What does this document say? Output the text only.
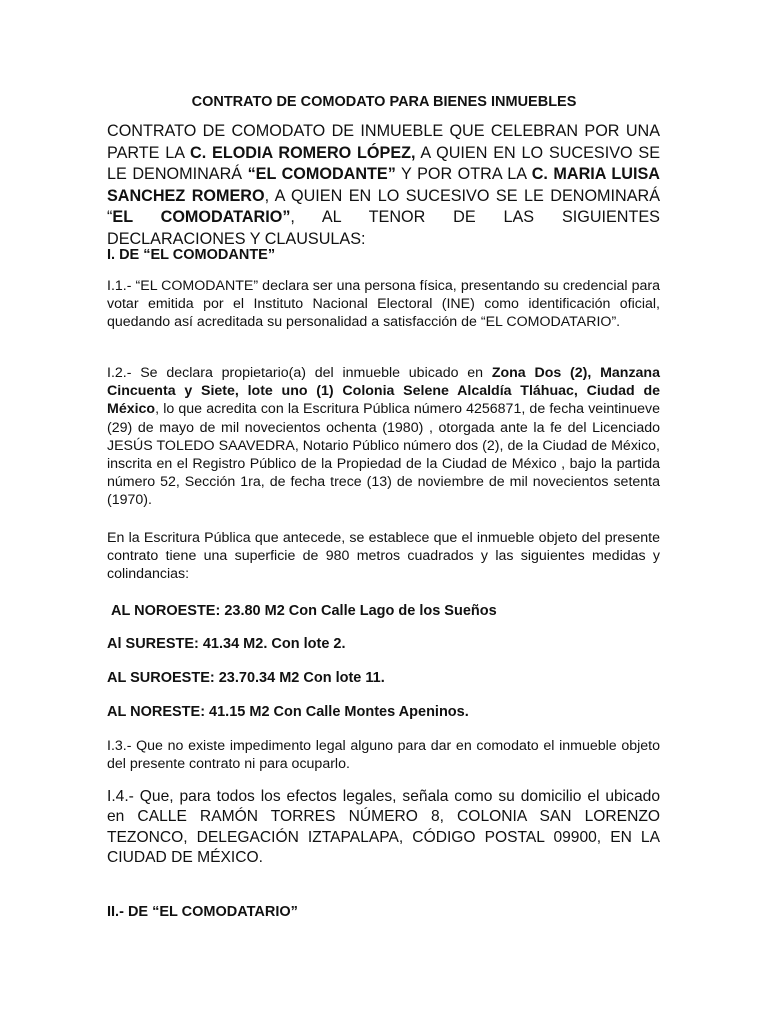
CONTRATO DE COMODATO PARA BIENES INMUEBLES
CONTRATO DE COMODATO DE INMUEBLE QUE CELEBRAN POR UNA PARTE LA C. ELODIA ROMERO LÓPEZ, A QUIEN EN LO SUCESIVO SE LE DENOMINARÁ “EL COMODANTE” Y POR OTRA LA C. MARIA LUISA SANCHEZ ROMERO, A QUIEN EN LO SUCESIVO SE LE DENOMINARÁ “EL COMODATARIO”, AL TENOR DE LAS SIGUIENTES DECLARACIONES Y CLAUSULAS:
I. DE “EL COMODANTE”
I.1.- “EL COMODANTE” declara ser una persona física, presentando su credencial para votar emitida por el Instituto Nacional Electoral (INE) como identificación oficial, quedando así acreditada su personalidad a satisfacción de “EL COMODATARIO”.
I.2.- Se declara propietario(a) del inmueble ubicado en Zona Dos (2), Manzana Cincuenta y Siete, lote uno (1) Colonia Selene Alcaldía Tláhuac, Ciudad de México, lo que acredita con la Escritura Pública número 4256871, de fecha veintinueve (29) de mayo de mil novecientos ochenta (1980) , otorgada ante la fe del Licenciado JESÚS TOLEDO SAAVEDRA, Notario Público número dos (2), de la Ciudad de México, inscrita en el Registro Público de la Propiedad de la Ciudad de México , bajo la partida número 52, Sección 1ra, de fecha trece (13) de noviembre de mil novecientos setenta (1970).
En la Escritura Pública que antecede, se establece que el inmueble objeto del presente contrato tiene una superficie de 980 metros cuadrados y las siguientes medidas y colindancias:
AL NOROESTE: 23.80 M2 Con Calle Lago de los Sueños
Al SURESTE: 41.34 M2. Con lote 2.
AL SUROESTE: 23.70.34 M2 Con lote 11.
AL NORESTE: 41.15 M2 Con Calle Montes Apeninos.
I.3.- Que no existe impedimento legal alguno para dar en comodato el inmueble objeto del presente contrato ni para ocuparlo.
I.4.- Que, para todos los efectos legales, señala como su domicilio el ubicado en CALLE RAMÓN TORRES NÚMERO 8, COLONIA SAN LORENZO TEZONCO, DELEGACIÓN IZTAPALAPA, CÓDIGO POSTAL 09900, EN LA CIUDAD DE MÉXICO.
II.- DE “EL COMODATARIO”
